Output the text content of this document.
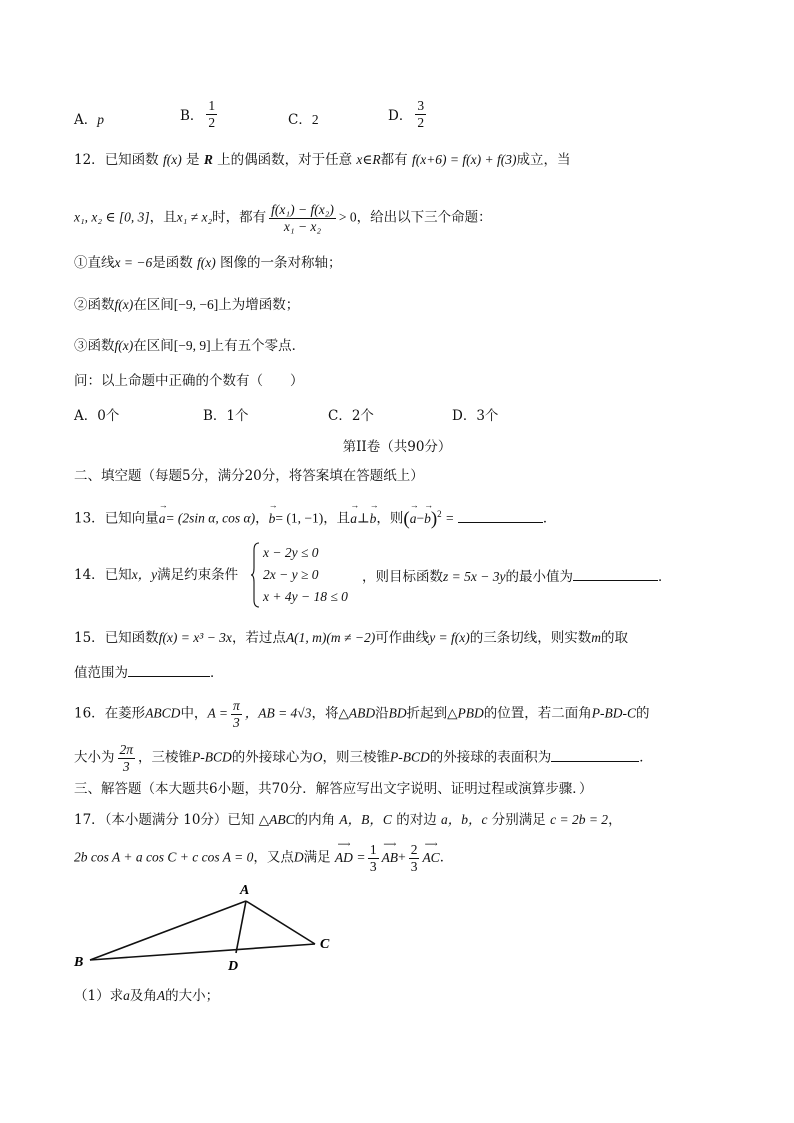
A．p	B． $\frac{1}{2}$	C．2	D． $\frac{3}{2}$
12．已知函数 f(x) 是 R 上的偶函数，对于任意 x∈R都有 f(x+6) = f(x) + f(3)成立，当
x₁, x₂ ∈ [0, 3]，且x₁ ≠ x₂时，都有 $\frac{\text{f(x₁) − f(x₂)}}{\text{x₁ − x₂}} > 0$，给出以下三个命题：
①直线x = −6是函数 f(x) 图像的一条对称轴；
②函数f(x)在区间[−9, −6]上为增函数；
③函数f(x)在区间[−9, 9]上有五个零点．
问：以上命题中正确的个数有（　　）
A．0个	B．1个	C．2个	D．3个
第II卷（共90分）
二、填空题（每题5分，满分20分，将答案填在答题纸上）
13．已知向量
→
a= (2sin α, cos α)，
→
b= (1, −1)，且
→
a⊥
→
b，则(
→
a−
→
b)$^2$ =	．
14．已知x，y满足约束条件
x − 2y ≤ 0
2x − y ≥ 0
x + 4y − 18 ≤ 0
，则目标函数z = 5x − 3y的最小值为	．
15．已知函数f(x) = x³ − 3x，若过点A(1, m)(m ≠ −2)可作曲线y = f(x)的三条切线，则实数m的取
值范围为	．
16．在菱形ABCD中，$A = \frac{\pi}{3}$ ，AB = 4√3，将△ABD沿BD折起到△PBD的位置，若二面角P-BD-C的
大小为 $\frac{2\pi}{3}$ ，三棱锥P-BCD的外接球心为O，则三棱锥P-BCD的外接球的表面积为	．
三、解答题（本大题共6小题，共70分．解答应写出文字说明、证明过程或演算步骤．）
17．（本小题满分 10分）已知 △ABC的内角 A，B，C 的对边 a，b，c 分别满足 c = 2b = 2，
2b cos A + a cos C + c cos A = 0，又点D满足
⟶
AD = $\frac{1}{3}$ ⟶
$AB+ \frac{2}{3}$ ⟶
AC．
A
B
C
D
（1）求a及角A的大小；
